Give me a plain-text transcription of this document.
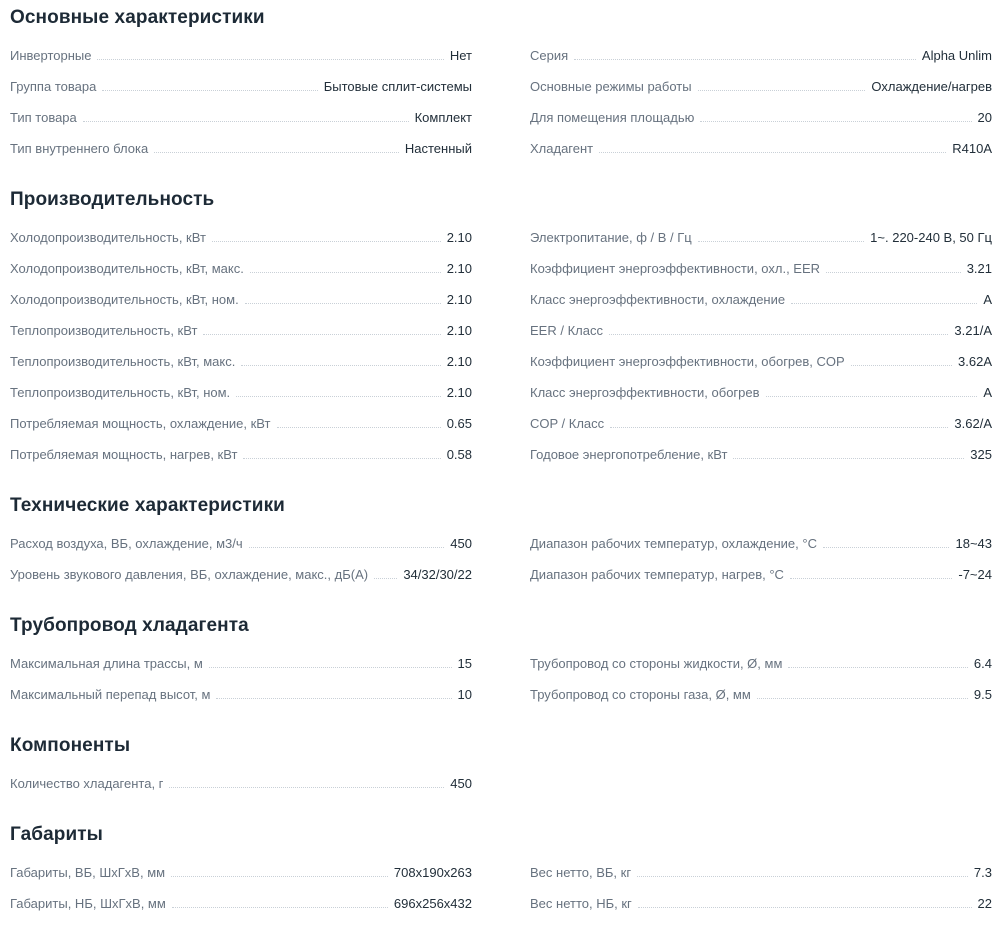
Основные характеристики
Инверторные	Нет
Группа товара	Бытовые сплит-системы
Тип товара	Комплект
Тип внутреннего блока	Настенный
Серия	Alpha Unlim
Основные режимы работы	Охлаждение/нагрев
Для помещения площадью	20
Хладагент	R410A
Производительность
Холодопроизводительность, кВт	2.10
Холодопроизводительность, кВт, макс.	2.10
Холодопроизводительность, кВт, ном.	2.10
Теплопроизводительность, кВт	2.10
Теплопроизводительность, кВт, макс.	2.10
Теплопроизводительность, кВт, ном.	2.10
Потребляемая мощность, охлаждение, кВт	0.65
Потребляемая мощность, нагрев, кВт	0.58
Электропитание, ф / В / Гц	1~. 220-240 В, 50 Гц
Коэффициент энергоэффективности, охл., EER	3.21
Класс энергоэффективности, охлаждение	A
EER / Класс	3.21/A
Коэффициент энергоэффективности, обогрев, COP	3.62A
Класс энергоэффективности, обогрев	A
COP / Класс	3.62/A
Годовое энергопотребление, кВт	325
Технические характеристики
Расход воздуха, ВБ, охлаждение, м3/ч	450
Уровень звукового давления, ВБ, охлаждение, макс., дБ(А)	34/32/30/22
Диапазон рабочих температур, охлаждение, °C	18~43
Диапазон рабочих температур, нагрев, °C	-7~24
Трубопровод хладагента
Максимальная длина трассы, м	15
Максимальный перепад высот, м	10
Трубопровод со стороны жидкости, Ø, мм	6.4
Трубопровод со стороны газа, Ø, мм	9.5
Компоненты
Количество хладагента, г	450
Габариты
Габариты, ВБ, ШхГхВ, мм	708x190x263
Габариты, НБ, ШхГхВ, мм	696x256x432
Вес нетто, ВБ, кг	7.3
Вес нетто, НБ, кг	22
